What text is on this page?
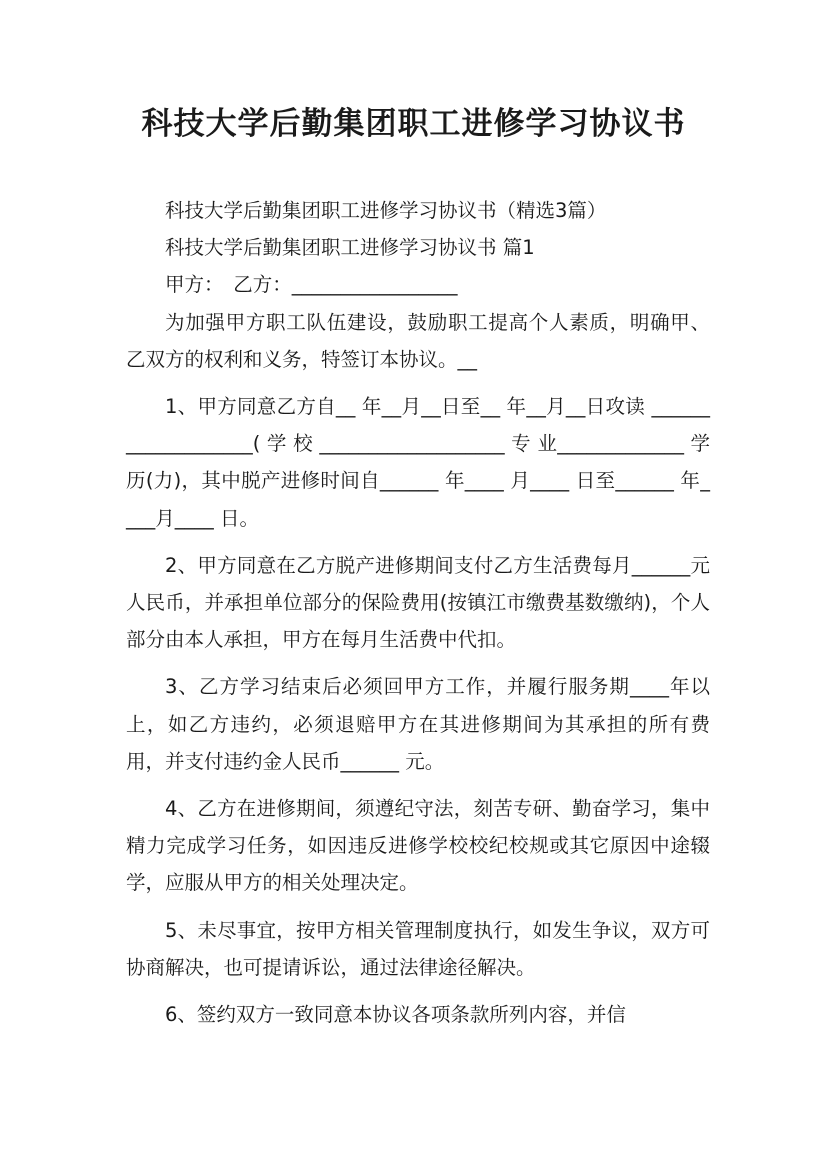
科技大学后勤集团职工进修学习协议书

科技大学后勤集团职工进修学习协议书（精选3篇）

科技大学后勤集团职工进修学习协议书 篇1

甲方：　乙方：_________________

为加强甲方职工队伍建设，鼓励职工提高个人素质，明确甲、乙双方的权利和义务，特签订本协议。__

1、甲方同意乙方自__ 年__月__日至__ 年__月__日攻读 ___________________( 学 校 ___________________ 专 业_____________ 学历(力)，其中脱产进修时间自______ 年____ 月____ 日至______ 年____月____ 日。

2、甲方同意在乙方脱产进修期间支付乙方生活费每月______元人民币，并承担单位部分的保险费用(按镇江市缴费基数缴纳)，个人部分由本人承担，甲方在每月生活费中代扣。

3、乙方学习结束后必须回甲方工作，并履行服务期____年以上，如乙方违约，必须退赔甲方在其进修期间为其承担的所有费用，并支付违约金人民币______ 元。

4、乙方在进修期间，须遵纪守法，刻苦专研、勤奋学习，集中精力完成学习任务，如因违反进修学校校纪校规或其它原因中途辍学，应服从甲方的相关处理决定。

5、未尽事宜，按甲方相关管理制度执行，如发生争议，双方可协商解决，也可提请诉讼，通过法律途径解决。

6、签约双方一致同意本协议各项条款所列内容，并信
